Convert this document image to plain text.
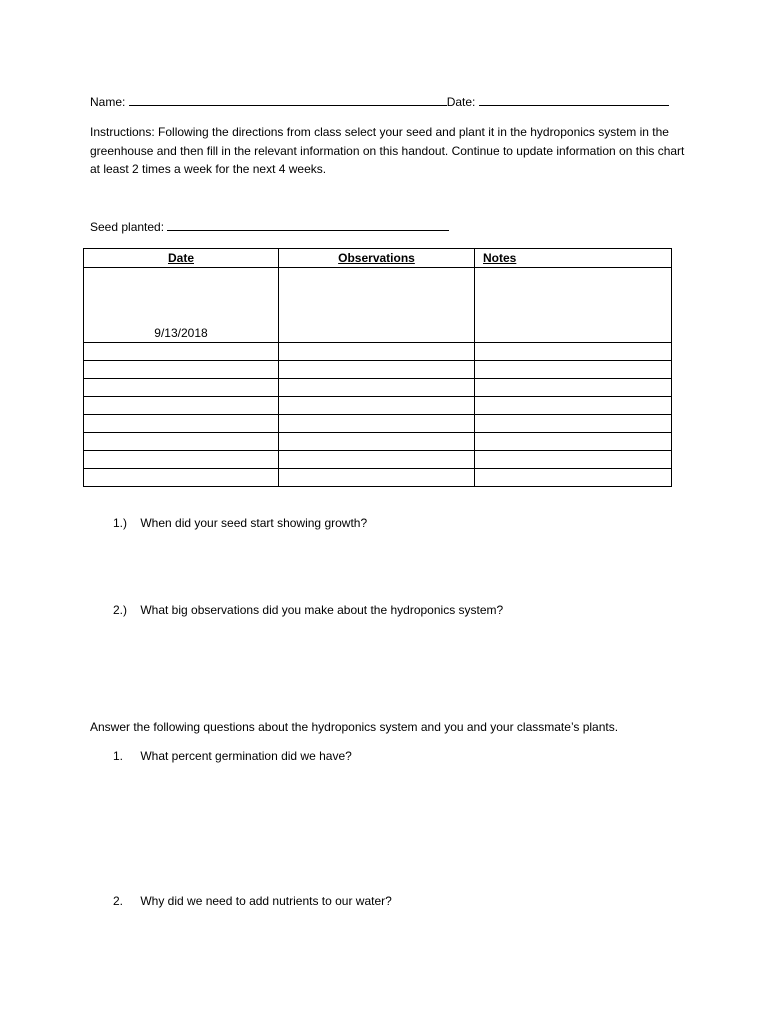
Name:	Date:
Instructions: Following the directions from class select your seed and plant it in the hydroponics system in the greenhouse and then fill in the relevant information on this handout. Continue to update information on this chart at least 2 times a week for the next 4 weeks.
Seed planted:
Date	Observations	Notes
9/13/2018		

1.) When did your seed start showing growth?
2.) What big observations did you make about the hydroponics system?
Answer the following questions about the hydroponics system and you and your classmate’s plants.
1. What percent germination did we have?
2. Why did we need to add nutrients to our water?
